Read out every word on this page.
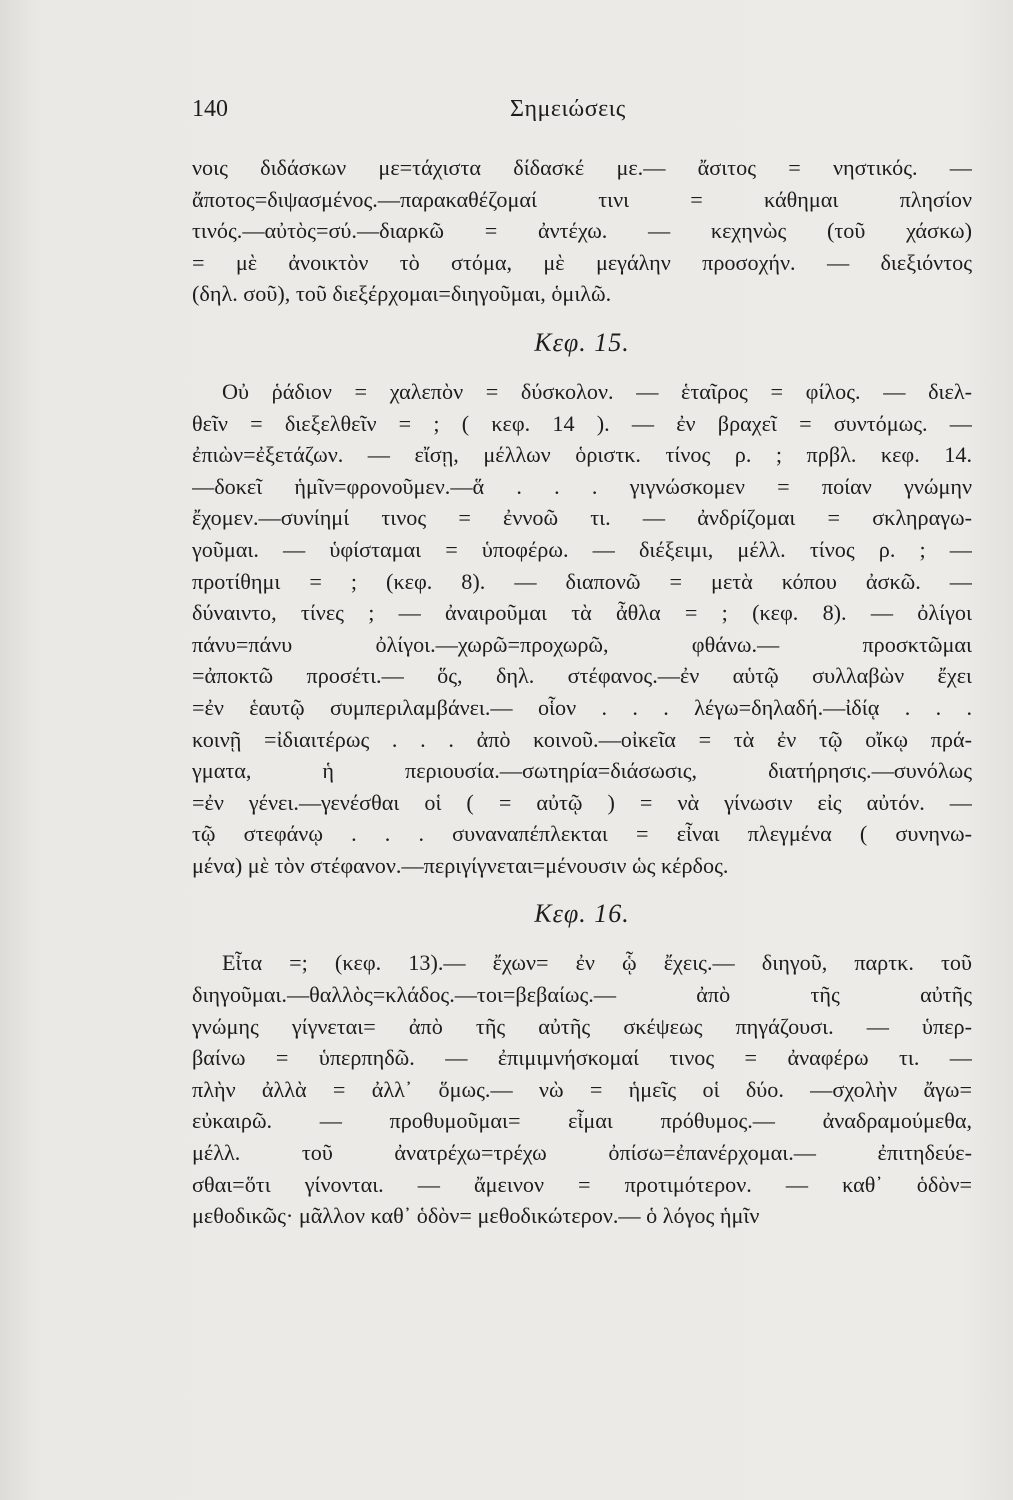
140	Σημειώσεις
νοις διδάσκων με=τάχιστα δίδασκέ με.— ἄσιτος = νηστικός. —
ἄποτος=διψασμένος.—παρακαθέζομαί τινι = κάθημαι πλησίον
τινός.—αὐτὸς=σύ.—διαρκῶ = ἀντέχω. — κεχηνὼς (τοῦ χάσκω)
= μὲ ἀνοικτὸν τὸ στόμα, μὲ μεγάλην προσοχήν. — διεξιόντος
(δηλ. σοῦ), τοῦ διεξέρχομαι=διηγοῦμαι, ὁμιλῶ.
Κεφ. 15.
Οὐ ῥάδιον = χαλεπὸν = δύσκολον. — ἑταῖρος = φίλος. — διελ-
θεῖν = διεξελθεῖν = ; ( κεφ. 14 ). — ἐν βραχεῖ = συντόμως. —
ἐπιὼν=ἐξετάζων. — εἴσῃ, μέλλων ὁριστκ. τίνος ρ. ; πρβλ. κεφ. 14.
—δοκεῖ ἡμῖν=φρονοῦμεν.—ἅ . . . γιγνώσκομεν = ποίαν γνώμην
ἔχομεν.—συνίημί τινος = ἐννοῶ τι. — ἀνδρίζομαι = σκληραγω-
γοῦμαι. — ὑφίσταμαι = ὑποφέρω. — διέξειμι, μέλλ. τίνος ρ. ; —
προτίθημι = ; (κεφ. 8). — διαπονῶ = μετὰ κόπου ἀσκῶ. —
δύναιντο, τίνες ; — ἀναιροῦμαι τὰ ἆθλα = ; (κεφ. 8). — ὀλίγοι
πάνυ=πάνυ ὀλίγοι.—χωρῶ=προχωρῶ, φθάνω.— προσκτῶμαι
=ἀποκτῶ προσέτι.— ὅς, δηλ. στέφανος.—ἐν αὑτῷ συλλαβὼν ἔχει
=ἐν ἑαυτῷ συμπεριλαμβάνει.— οἷον . . . λέγω=δηλαδή.—ἰδίᾳ . . .
κοινῇ =ἰδιαιτέρως . . . ἀπὸ κοινοῦ.—οἰκεῖα = τὰ ἐν τῷ οἴκῳ πρά-
γματα, ἡ περιουσία.—σωτηρία=διάσωσις, διατήρησις.—συνόλως
=ἐν γένει.—γενέσθαι οἱ ( = αὐτῷ ) = νὰ γίνωσιν εἰς αὐτόν. —
τῷ στεφάνῳ . . . συναναπέπλεκται = εἶναι πλεγμένα ( συνηνω-
μένα) μὲ τὸν στέφανον.—περιγίγνεται=μένουσιν ὡς κέρδος.
Κεφ. 16.
Εἶτα =; (κεφ. 13).— ἔχων= ἐν ᾧ ἔχεις.— διηγοῦ, παρτκ. τοῦ
διηγοῦμαι.—θαλλὸς=κλάδος.—τοι=βεβαίως.— ἀπὸ τῆς αὐτῆς
γνώμης γίγνεται= ἀπὸ τῆς αὐτῆς σκέψεως πηγάζουσι. — ὑπερ-
βαίνω = ὑπερπηδῶ. — ἐπιμιμνήσκομαί τινος = ἀναφέρω τι. —
πλὴν ἀλλὰ = ἀλλ᾽ ὅμως.— νὼ = ἡμεῖς οἱ δύο. —σχολὴν ἄγω=
εὐκαιρῶ. — προθυμοῦμαι= εἶμαι πρόθυμος.— ἀναδραμούμεθα,
μέλλ. τοῦ ἀνατρέχω=τρέχω ὀπίσω=ἐπανέρχομαι.— ἐπιτηδεύε-
σθαι=ὅτι γίνονται. — ἄμεινον = προτιμότερον. — καθ᾽ ὁδὸν=
μεθοδικῶς· μᾶλλον καθ᾽ ὁδὸν= μεθοδικώτερον.— ὁ λόγος ἡμῖν
